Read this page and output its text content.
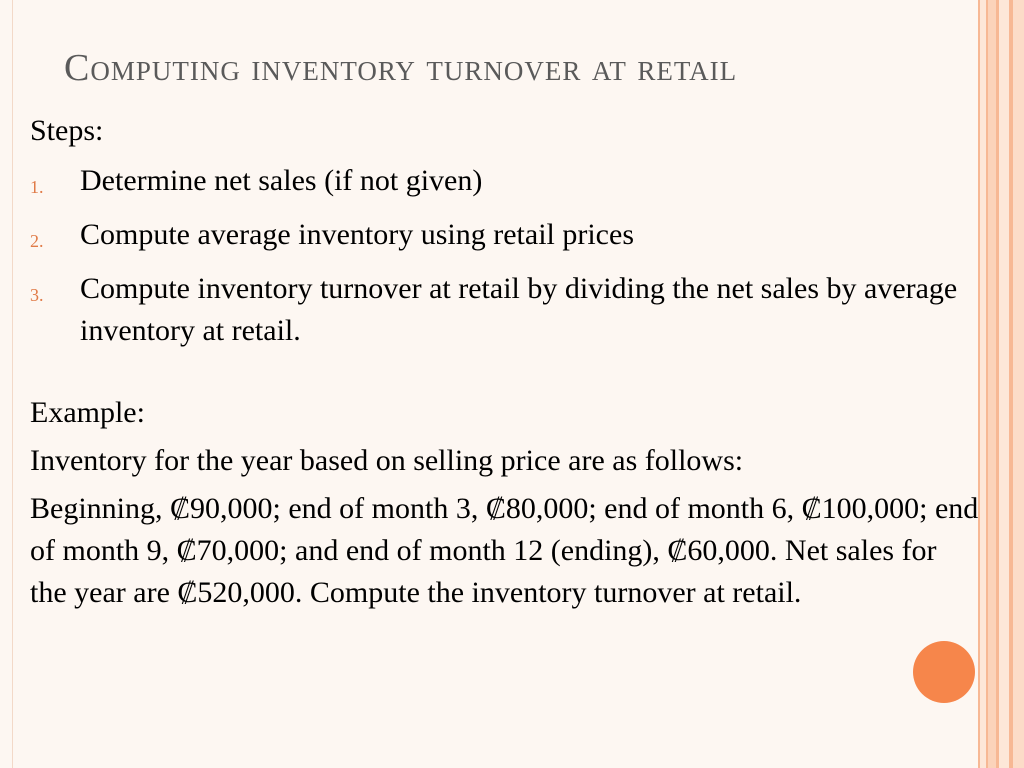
Computing inventory turnover at retail
Steps:
1.	Determine net sales (if not given)
2.	Compute average inventory using retail prices
3.	Compute inventory turnover at retail by dividing the net sales by average inventory at retail.
Example:
Inventory for the year based on selling price are as follows:
Beginning, ₡90,000; end of month 3, ₡80,000; end of month 6, ₡100,000; end of month 9, ₡70,000; and end of month 12 (ending), ₡60,000. Net sales for the year are ₡520,000. Compute the inventory turnover at retail.
